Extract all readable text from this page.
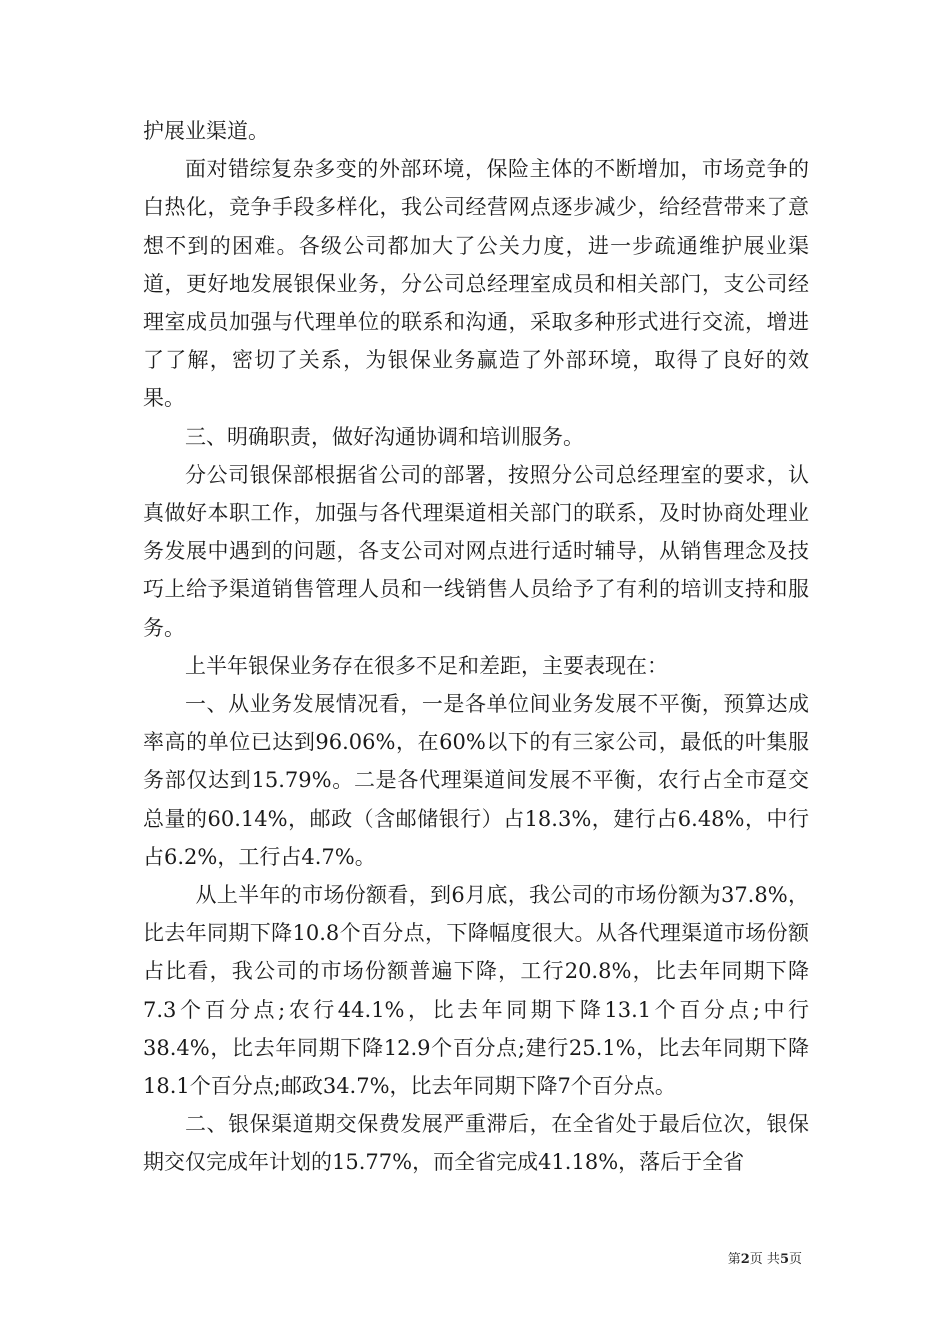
护展业渠道。

面对错综复杂多变的外部环境，保险主体的不断增加，市场竞争的白热化，竞争手段多样化，我公司经营网点逐步减少，给经营带来了意想不到的困难。各级公司都加大了公关力度，进一步疏通维护展业渠道，更好地发展银保业务，分公司总经理室成员和相关部门，支公司经理室成员加强与代理单位的联系和沟通，采取多种形式进行交流，增进了了解，密切了关系，为银保业务赢造了外部环境，取得了良好的效果。

三、明确职责，做好沟通协调和培训服务。

分公司银保部根据省公司的部署，按照分公司总经理室的要求，认真做好本职工作，加强与各代理渠道相关部门的联系，及时协商处理业务发展中遇到的问题，各支公司对网点进行适时辅导，从销售理念及技巧上给予渠道销售管理人员和一线销售人员给予了有利的培训支持和服务。

上半年银保业务存在很多不足和差距，主要表现在：

一、从业务发展情况看，一是各单位间业务发展不平衡，预算达成率高的单位已达到96.06%，在60%以下的有三家公司，最低的叶集服务部仅达到15.79%。二是各代理渠道间发展不平衡，农行占全市趸交总量的60.14%，邮政（含邮储银行）占18.3%，建行占6.48%，中行占6.2%，工行占4.7%。

从上半年的市场份额看，到6月底，我公司的市场份额为37.8%，比去年同期下降10.8个百分点，下降幅度很大。从各代理渠道市场份额占比看，我公司的市场份额普遍下降，工行20.8%，比去年同期下降7.3个百分点;农行44.1%，比去年同期下降13.1个百分点;中行38.4%，比去年同期下降12.9个百分点;建行25.1%，比去年同期下降18.1个百分点;邮政34.7%，比去年同期下降7个百分点。

二、银保渠道期交保费发展严重滞后，在全省处于最后位次，银保期交仅完成年计划的15.77%，而全省完成41.18%，落后于全省

第2页 共5页
